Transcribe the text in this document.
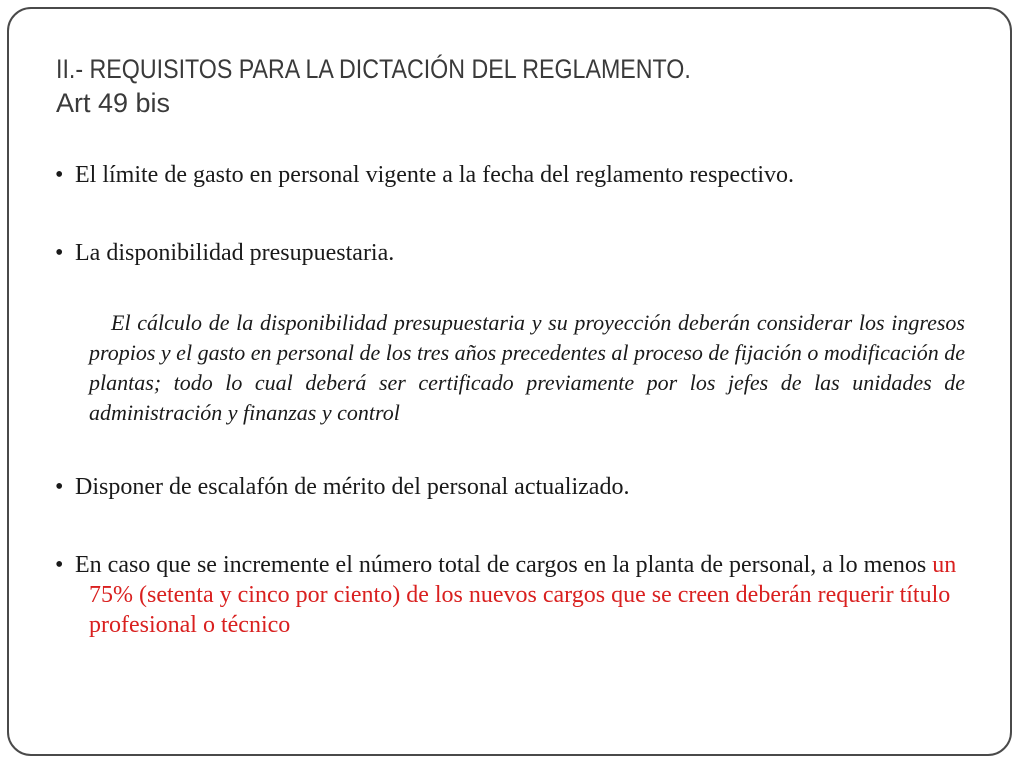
II.- REQUISITOS PARA LA DICTACIÓN DEL REGLAMENTO.
Art 49 bis

• El límite de gasto en personal vigente a la fecha del reglamento respectivo.

• La disponibilidad presupuestaria.

El cálculo de la disponibilidad presupuestaria y su proyección deberán considerar los ingresos propios y el gasto en personal de los tres años precedentes al proceso de fijación o modificación de plantas; todo lo cual deberá ser certificado previamente por los jefes de las unidades de administración y finanzas y control

• Disponer de escalafón de mérito del personal actualizado.

• En caso que se incremente el número total de cargos en la planta de personal, a lo menos un 75% (setenta y cinco por ciento) de los nuevos cargos que se creen deberán requerir título profesional o técnico
